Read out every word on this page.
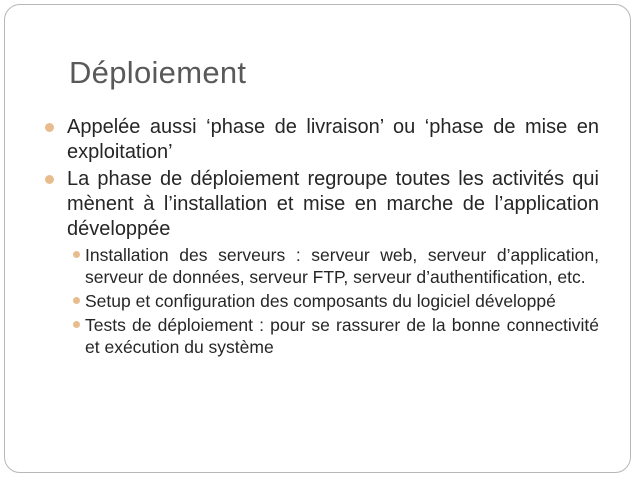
Déploiement
Appelée aussi ‘phase de livraison’ ou ‘phase de mise en exploitation’
La phase de déploiement regroupe toutes les activités qui mènent à l’installation et mise en marche de l’application développée
Installation des serveurs : serveur web, serveur d’application, serveur de données, serveur FTP, serveur d’authentification, etc.
Setup et configuration des composants du logiciel développé
Tests de déploiement : pour se rassurer de la bonne connectivité et exécution du système
